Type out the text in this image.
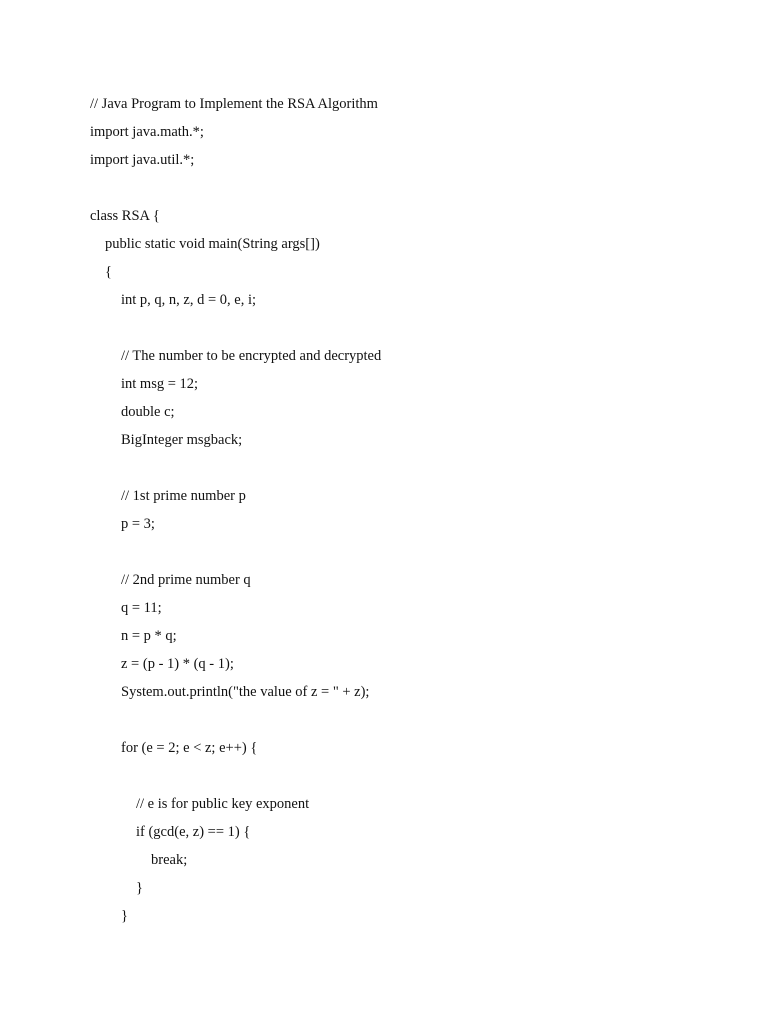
// Java Program to Implement the RSA Algorithm
import java.math.*;
import java.util.*;
class RSA {
public static void main(String args[])
{
int p, q, n, z, d = 0, e, i;
// The number to be encrypted and decrypted
int msg = 12;
double c;
BigInteger msgback;
// 1st prime number p
p = 3;
// 2nd prime number q
q = 11;
n = p * q;
z = (p - 1) * (q - 1);
System.out.println("the value of z = " + z);
for (e = 2; e < z; e++) {
// e is for public key exponent
if (gcd(e, z) == 1) {
break;
}
}
